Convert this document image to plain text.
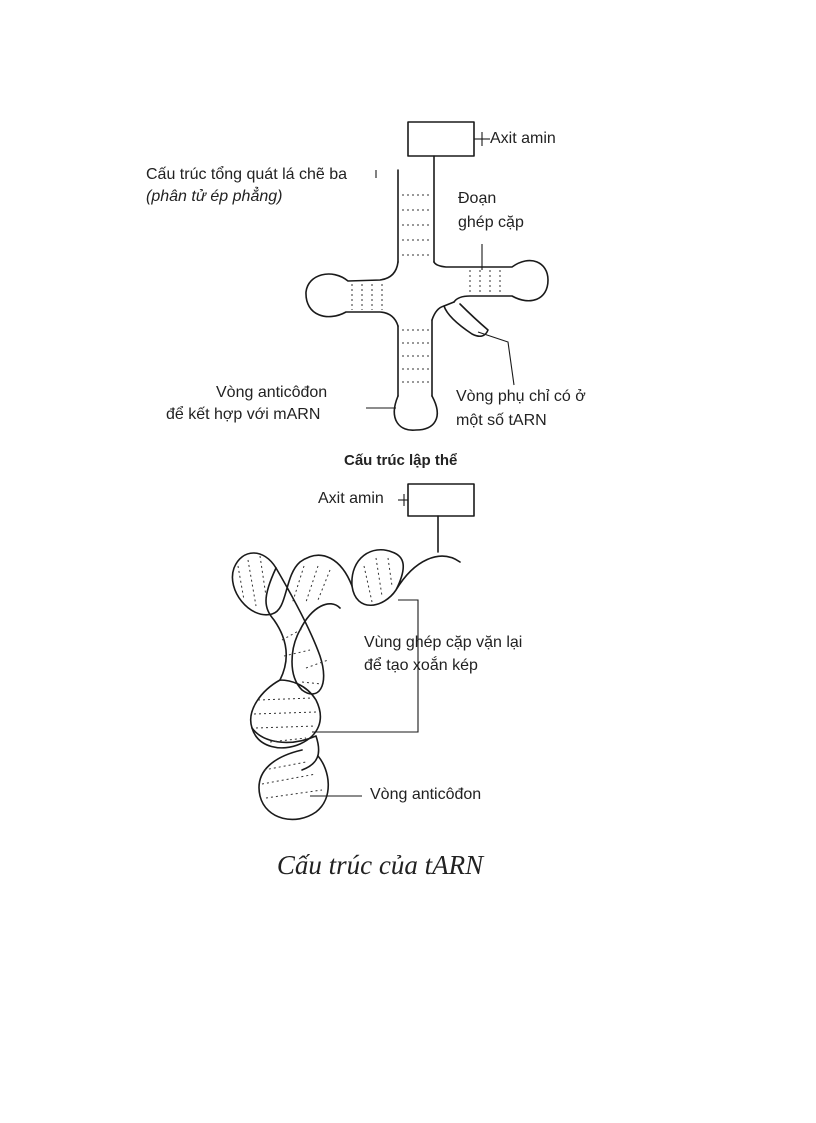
Axit amin
Cấu trúc tổng quát lá chẽ ba
(phân tử ép phẳng)	Đoạn
ghép cặp
Vòng anticôđon
để kết hợp với mARN
Vòng phụ chỉ có ở
một số tARN
Cấu trúc lập thể
Axit amin
Vùng ghép cặp vặn lại
để tạo xoắn kép
Vòng anticôđon
Cấu trúc của tARN
